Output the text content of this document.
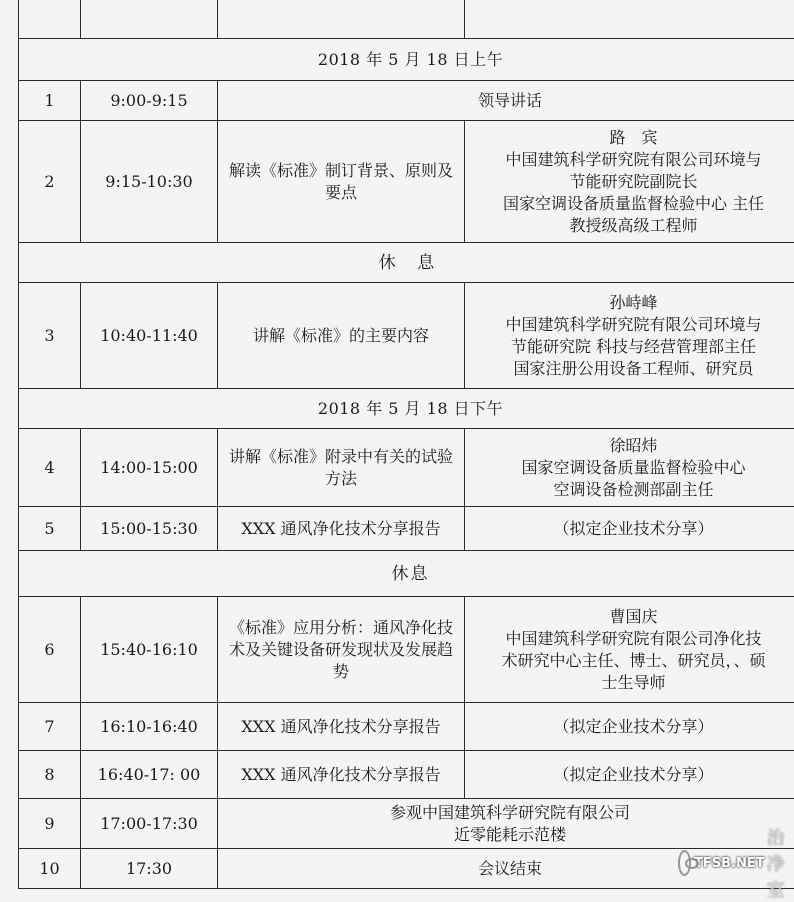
2018 年 5 月 18 日上午			
1	9:00-9:15	领导讲话	
2	9:15-10:30	解读《标准》制订背景、原则及要点	路　宾
中国建筑科学研究院有限公司环境与
节能研究院副院长
国家空调设备质量监督检验中心 主任
教授级高级工程师

休 息			
3	10:40-11:40	讲解《标准》的主要内容	孙峙峰
中国建筑科学研究院有限公司环境与
节能研究院 科技与经营管理部主任
国家注册公用设备工程师、研究员

2018 年 5 月 18 日下午			
4	14:00-15:00	讲解《标准》附录中有关的试验方法	徐昭炜
国家空调设备质量监督检验中心
空调设备检测部副主任

5	15:00-15:30	XXX 通风净化技术分享报告	（拟定企业技术分享）
休息			
6	15:40-16:10	《标准》应用分析：通风净化技术及关键设备研发现状及发展趋势	曹国庆
中国建筑科学研究院有限公司净化技
术研究中心主任、博士、研究员，、硕
士生导师

7	16:10-16:40	XXX 通风净化技术分享报告	（拟定企业技术分享）
8	16:40-17: 00	XXX 通风净化技术分享报告	（拟定企业技术分享）
9	17:00-17:30	参观中国建筑科学研究院有限公司
近零能耗示范楼	

10	17:30	会议结束		TFSB.NET
治净室
